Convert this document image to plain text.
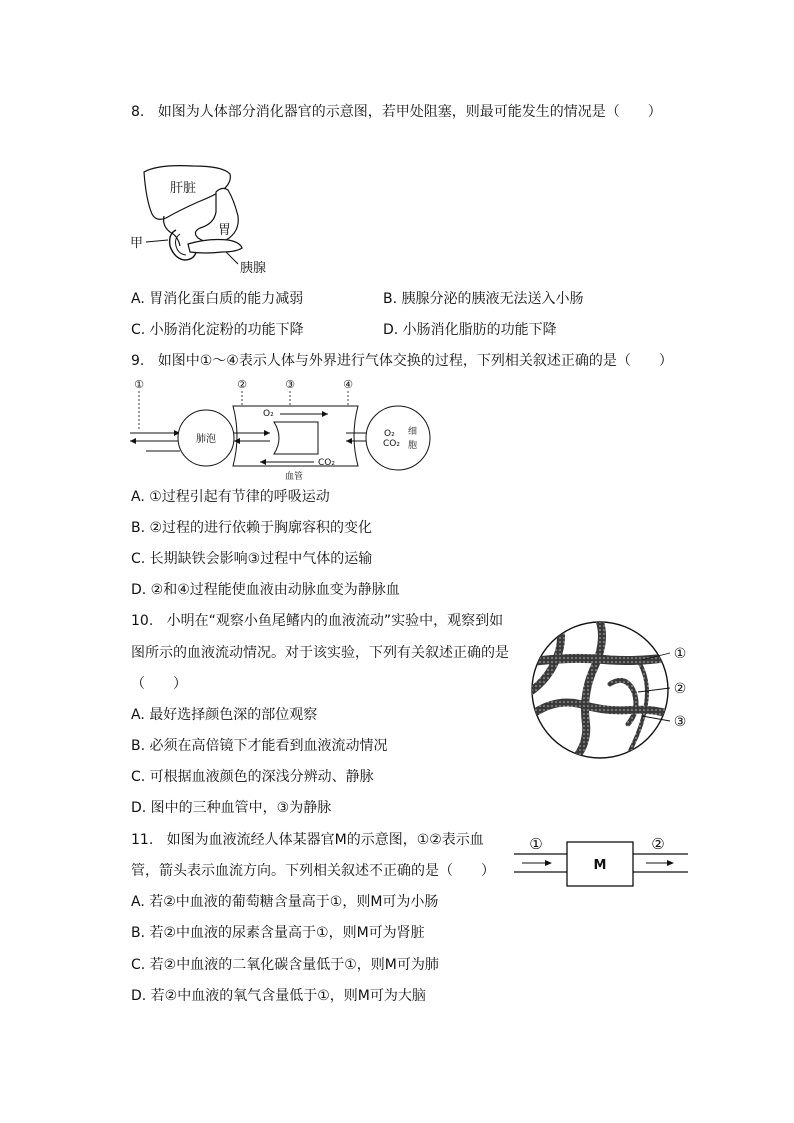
8. 如图为人体部分消化器官的示意图，若甲处阻塞，则最可能发生的情况是（　　）
肝脏
胃
甲
胰腺
A. 胃消化蛋白质的能力减弱	B. 胰腺分泌的胰液无法送入小肠
C. 小肠消化淀粉的功能下降	D. 小肠消化脂肪的功能下降
9. 如图中①～④表示人体与外界进行气体交换的过程，下列相关叙述正确的是（　　）
①	②	③	④
肺泡
O₂
CO₂
血管
O₂
CO₂
细
胞
A. ①过程引起有节律的呼吸运动
B. ②过程的进行依赖于胸廓容积的变化
C. 长期缺铁会影响③过程中气体的运输
D. ②和④过程能使血液由动脉血变为静脉血
10. 小明在“观察小鱼尾鳍内的血液流动”实验中，观察到如
图所示的血液流动情况。对于该实验，下列有关叙述正确的是
（　　）
①
②
③
A. 最好选择颜色深的部位观察
B. 必须在高倍镜下才能看到血液流动情况
C. 可根据血液颜色的深浅分辨动、静脉
D. 图中的三种血管中，③为静脉
11. 如图为血液流经人体某器官M的示意图，①②表示血
管，箭头表示血流方向。下列相关叙述不正确的是（　　）	M
①	②
A. 若②中血液的葡萄糖含量高于①，则M可为小肠
B. 若②中血液的尿素含量高于①，则M可为肾脏
C. 若②中血液的二氧化碳含量低于①，则M可为肺
D. 若②中血液的氧气含量低于①，则M可为大脑
